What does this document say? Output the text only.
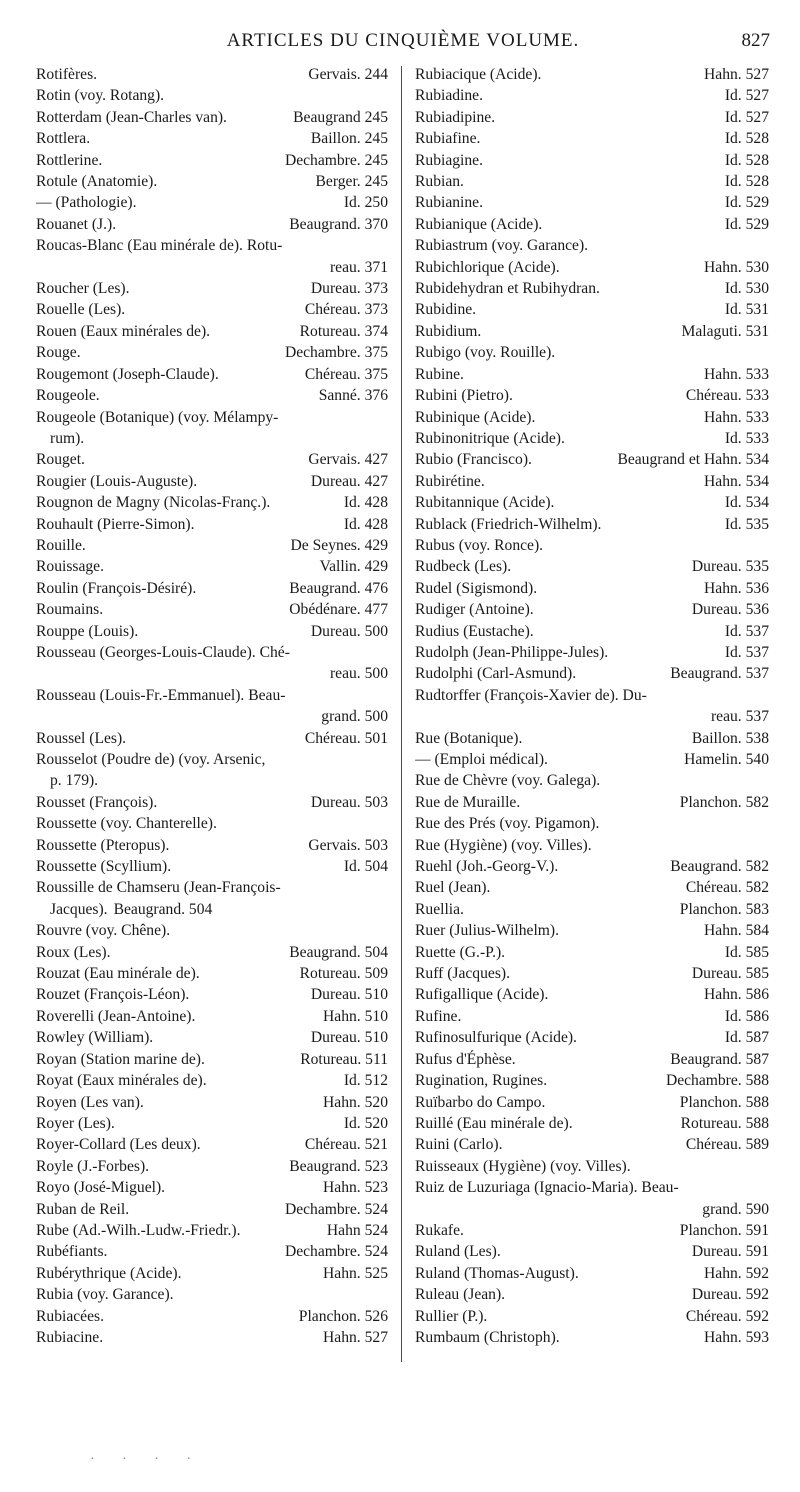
ARTICLES DU CINQUIÈME VOLUME.	827
Rotifères.	Gervais. 244
Rotin (voy. Rotang).
Rotterdam (Jean-Charles van).	Beaugrand 245
Rottlera.	Baillon. 245
Rottlerine.	Dechambre. 245
Rotule (Anatomie).	Berger. 245
— (Pathologie).	Id. 250
Rouanet (J.).	Beaugrand. 370
Roucas-Blanc (Eau minérale de). Rotu-
reau. 371
Roucher (Les).	Dureau. 373
Rouelle (Les).	Chéreau. 373
Rouen (Eaux minérales de).	Rotureau. 374
Rouge.	Dechambre. 375
Rougemont (Joseph-Claude).	Chéreau. 375
Rougeole.	Sanné. 376
Rougeole (Botanique) (voy. Mélampy-
rum).
Rouget.	Gervais. 427
Rougier (Louis-Auguste).	Dureau. 427
Rougnon de Magny (Nicolas-Franç.).	Id. 428
Rouhault (Pierre-Simon).	Id. 428
Rouille.	De Seynes. 429
Rouissage.	Vallin. 429
Roulin (François-Désiré).	Beaugrand. 476
Roumains.	Obédénare. 477
Rouppe (Louis).	Dureau. 500
Rousseau (Georges-Louis-Claude). Ché-
reau. 500
Rousseau (Louis-Fr.-Emmanuel). Beau-
grand. 500
Roussel (Les).	Chéreau. 501
Rousselot (Poudre de) (voy. Arsenic,
p. 179).
Rousset (François).	Dureau. 503
Roussette (voy. Chanterelle).
Roussette (Pteropus).	Gervais. 503
Roussette (Scyllium).	Id. 504
Roussille de Chamseru (Jean-François-
Jacques). Beaugrand. 504
Rouvre (voy. Chêne).
Roux (Les).	Beaugrand. 504
Rouzat (Eau minérale de).	Rotureau. 509
Rouzet (François-Léon).	Dureau. 510
Roverelli (Jean-Antoine).	Hahn. 510
Rowley (William).	Dureau. 510
Royan (Station marine de).	Rotureau. 511
Royat (Eaux minérales de).	Id. 512
Royen (Les van).	Hahn. 520
Royer (Les).	Id. 520
Royer-Collard (Les deux).	Chéreau. 521
Royle (J.-Forbes).	Beaugrand. 523
Royo (José-Miguel).	Hahn. 523
Ruban de Reil.	Dechambre. 524
Rube (Ad.-Wilh.-Ludw.-Friedr.).	Hahn 524
Rubéfiants.	Dechambre. 524
Rubérythrique (Acide).	Hahn. 525
Rubia (voy. Garance).
Rubiacées.	Planchon. 526
Rubiacine.	Hahn. 527
Rubiacique (Acide).	Hahn. 527
Rubiadine.	Id. 527
Rubiadipine.	Id. 527
Rubiafine.	Id. 528
Rubiagine.	Id. 528
Rubian.	Id. 528
Rubianine.	Id. 529
Rubianique (Acide).	Id. 529
Rubiastrum (voy. Garance).
Rubichlorique (Acide).	Hahn. 530
Rubidehydran et Rubihydran.	Id. 530
Rubidine.	Id. 531
Rubidium.	Malaguti. 531
Rubigo (voy. Rouille).
Rubine.	Hahn. 533
Rubini (Pietro).	Chéreau. 533
Rubinique (Acide).	Hahn. 533
Rubinonitrique (Acide).	Id. 533
Rubio (Francisco).	Beaugrand et Hahn. 534
Rubirétine.	Hahn. 534
Rubitannique (Acide).	Id. 534
Rublack (Friedrich-Wilhelm).	Id. 535
Rubus (voy. Ronce).
Rudbeck (Les).	Dureau. 535
Rudel (Sigismond).	Hahn. 536
Rudiger (Antoine).	Dureau. 536
Rudius (Eustache).	Id. 537
Rudolph (Jean-Philippe-Jules).	Id. 537
Rudolphi (Carl-Asmund).	Beaugrand. 537
Rudtorffer (François-Xavier de). Du-
reau. 537
Rue (Botanique).	Baillon. 538
— (Emploi médical).	Hamelin. 540
Rue de Chèvre (voy. Galega).
Rue de Muraille.	Planchon. 582
Rue des Prés (voy. Pigamon).
Rue (Hygiène) (voy. Villes).
Ruehl (Joh.-Georg-V.).	Beaugrand. 582
Ruel (Jean).	Chéreau. 582
Ruellia.	Planchon. 583
Ruer (Julius-Wilhelm).	Hahn. 584
Ruette (G.-P.).	Id. 585
Ruff (Jacques).	Dureau. 585
Rufigallique (Acide).	Hahn. 586
Rufine.	Id. 586
Rufinosulfurique (Acide).	Id. 587
Rufus d'Éphèse.	Beaugrand. 587
Rugination, Rugines.	Dechambre. 588
Ruïbarbo do Campo.	Planchon. 588
Ruillé (Eau minérale de).	Rotureau. 588
Ruini (Carlo).	Chéreau. 589
Ruisseaux (Hygiène) (voy. Villes).
Ruiz de Luzuriaga (Ignacio-Maria). Beau-
grand. 590
Rukafe.	Planchon. 591
Ruland (Les).	Dureau. 591
Ruland (Thomas-August).	Hahn. 592
Ruleau (Jean).	Dureau. 592
Rullier (P.).	Chéreau. 592
Rumbaum (Christoph).	Hahn. 593
· · · ·
